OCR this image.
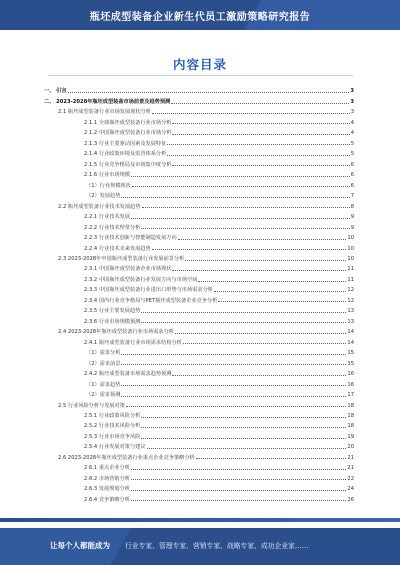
瓶坯成型装备企业新生代员工激励策略研究报告
内容目录
一、 引言	3
二、 2023-2028年瓶坯成型装备市场前景及趋势预测	3
2.1 瓶坯成型装备行业市场发展现状分析	3
2.1.1 全球瓶坯成型装备行业市场分析	4
2.1.2 中国瓶坯成型装备行业市场分析	4
2.1.3 行业主要驱动因素及发展特征	5
2.1.4 行业政策环境及监管体系分析	5
2.1.5 行业竞争格局及市场集中度分析	6
2.1.6 行业市场规模	6
（1）行业规模现状	6
（2）发展趋势	7
2.2 瓶坯成型装备行业技术发展趋势	8
2.2.1 行业技术发展	9
2.2.2 行业技术壁垒分析	9
2.2.3 行业技术创新与智能制造发展方向	10
2.2.4 行业技术未来发展趋势	10
2.3 2023-2028年中国瓶坯成型装备行业发展前景分析	10
2.3.1 中国瓶坯成型装备企业市场现状	11
2.3.2 中国瓶坯成型装备行业发展方向与市场空间	11
2.3.3 中国瓶坯成型装备行业进出口形势与市场需求分析	12
2.3.4 国内行业竞争格局与PET瓶坯成型装备企业竞争分析	12
2.3.5 行业主要发展趋势	13
2.3.6 行业市场规模预测	13
2.4 2023-2028年瓶坯成型装备行业市场需求分析	14
2.4.1 瓶坯成型装备行业市场需求结构分析	14
（1）需求分析	15
（2）需求前景	15
2.4.2 瓶坯成型装备市场需求趋势预测	16
（1）需求趋势	16
（2）需求预测	17
2.5 行业风险分析与发展对策	18
2.5.1 行业政策风险分析	18
2.5.2 行业技术风险分析	18
2.5.3 行业市场竞争风险	19
2.5.4 行业发展对策与建议	20
2.6 2023-2028年瓶坯成型装备行业重点企业竞争策略分析	21
2.6.1 重点企业分析	21
2.6.2 市场营销分析	22
2.6.3 发展规划分析	24
2.6.4 竞争策略分析	26
让每个人都能成为 行业专家、管理专家、营销专家、战略专家、成功企业家……
